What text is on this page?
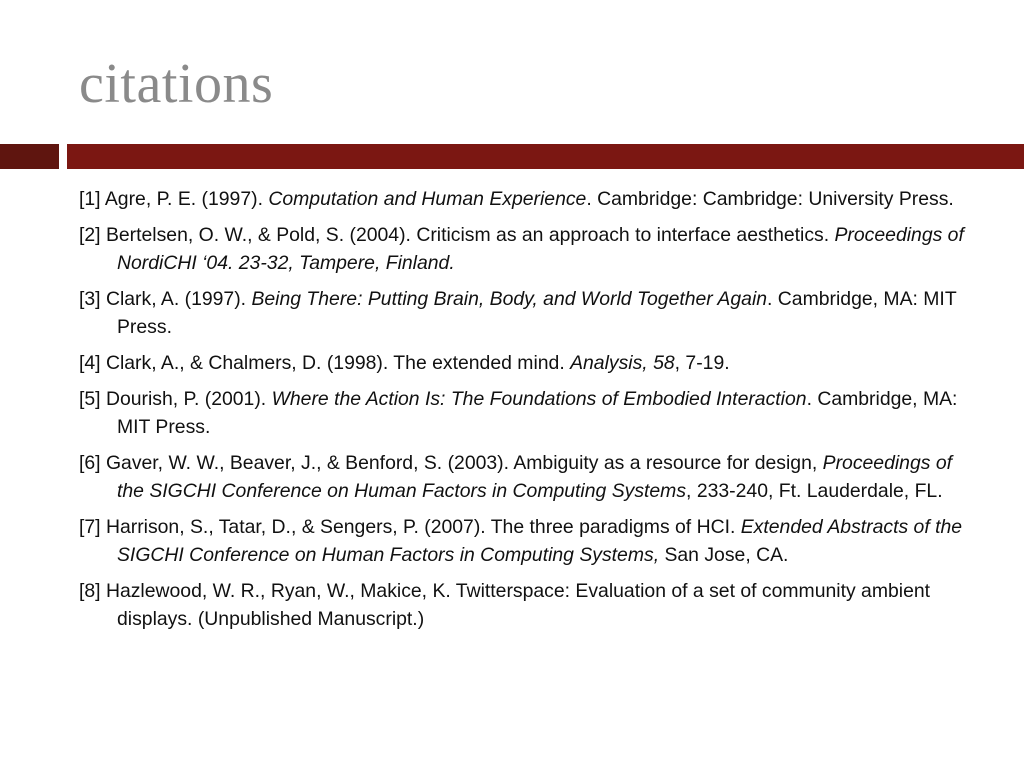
citations
[1] Agre, P. E. (1997). Computation and Human Experience. Cambridge: Cambridge: University Press.
[2] Bertelsen, O. W., & Pold, S. (2004). Criticism as an approach to interface aesthetics. Proceedings of NordiCHI ‘04. 23-32, Tampere, Finland.
[3] Clark, A. (1997). Being There: Putting Brain, Body, and World Together Again. Cambridge, MA: MIT Press.
[4] Clark, A., & Chalmers, D. (1998). The extended mind. Analysis, 58, 7-19.
[5] Dourish, P. (2001). Where the Action Is: The Foundations of Embodied Interaction. Cambridge, MA: MIT Press.
[6] Gaver, W. W., Beaver, J., & Benford, S. (2003). Ambiguity as a resource for design, Proceedings of the SIGCHI Conference on Human Factors in Computing Systems, 233-240, Ft. Lauderdale, FL.
[7] Harrison, S., Tatar, D., & Sengers, P. (2007). The three paradigms of HCI. Extended Abstracts of the SIGCHI Conference on Human Factors in Computing Systems, San Jose, CA.
[8] Hazlewood, W. R., Ryan, W., Makice, K. Twitterspace: Evaluation of a set of community ambient displays. (Unpublished Manuscript.)
